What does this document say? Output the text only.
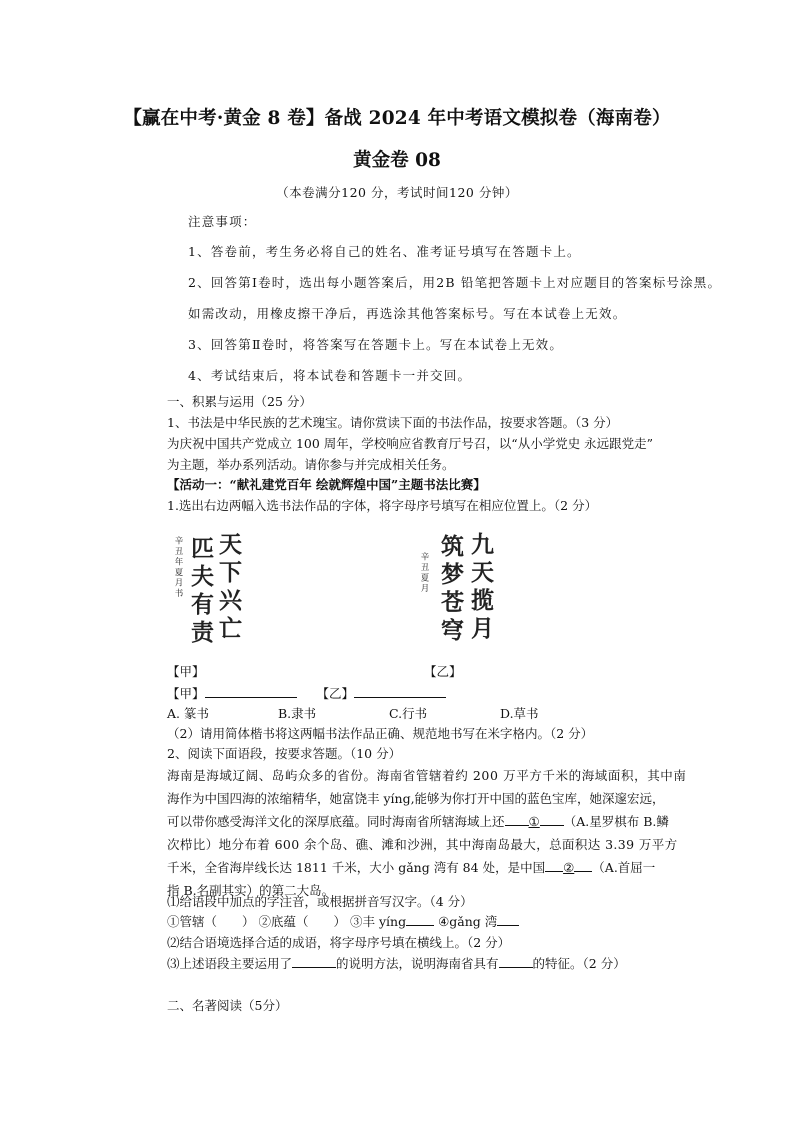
【赢在中考·黄金 8 卷】备战 2024 年中考语文模拟卷（海南卷）
黄金卷 08
（本卷满分120 分，考试时间120 分钟）
注意事项：
1、答卷前，考生务必将自己的姓名、准考证号填写在答题卡上。
2、回答第Ⅰ卷时，选出每小题答案后，用2B 铅笔把答题卡上对应题目的答案标号涂黑。
如需改动，用橡皮擦干净后，再选涂其他答案标号。写在本试卷上无效。
3、回答第Ⅱ卷时，将答案写在答题卡上。写在本试卷上无效。
4、考试结束后，将本试卷和答题卡一并交回。
一、积累与运用（25 分）
1、书法是中华民族的艺术瑰宝。请你赏读下面的书法作品，按要求答题。（3 分）
为庆祝中国共产党成立 100 周年，学校响应省教育厅号召，以“从小学党史 永远跟党走”
为主题，举办系列活动。请你参与并完成相关任务。
【活动一：“献礼建党百年 绘就辉煌中国”主题书法比赛】
1.选出右边两幅入选书法作品的字体，将字母序号填写在相应位置上。（2 分）
天下兴亡
匹夫有责
辛丑年夏月书	九天揽月
筑梦苍穹
辛丑夏月
【甲】	【乙】
【甲】	【乙】
A. 篆书	B.隶书	C.行书	D.草书
（2）请用简体楷书将这两幅书法作品正确、规范地书写在米字格内。（2 分）
2、阅读下面语段，按要求答题。（10 分）
海南是海域辽阔、岛屿众多的省份。海南省管辖着约 200 万平方千米的海域面积，其中南
海作为中国四海的浓缩精华，她富饶丰 yíng,能够为你打开中国的蓝色宝库，她深邃宏远，
可以带你感受海洋文化的深厚底蕴。同时海南省所辖海域上还 ① （A.星罗棋布 B.鳞
次栉比）地分布着 600 余个岛、礁、滩和沙洲，其中海南岛最大，总面积达 3.39 万平方
千米，全省海岸线长达 1811 千米，大小 gǎng 湾有 84 处，是中国 ② （A.首屈一
指 B.名副其实）的第二大岛。
⑴给语段中加点的字注音，或根据拼音写汉字。（4 分）
①管辖（　　） ②底蕴（　　） ③丰 yíng	④gǎng 湾
⑵结合语境选择合适的成语，将字母序号填在横线上。（2 分）
⑶上述语段主要运用了	的说明方法，说明海南省具有	的特征。（2 分）
二、名著阅读（5分）
